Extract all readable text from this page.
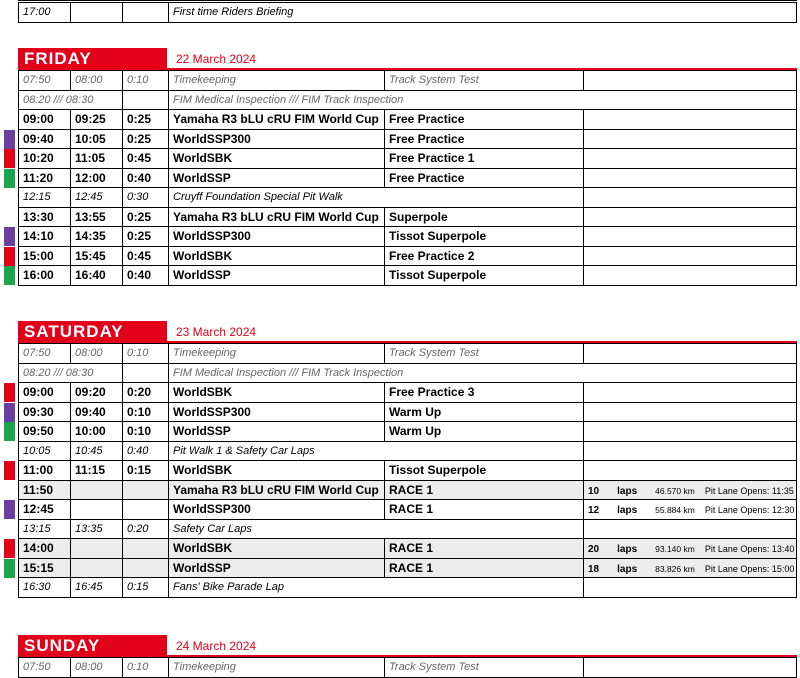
17:00			First time Riders Briefing
FRIDAY	22 March 2024
07:50	08:00	0:10	Timekeeping	Track System Test	
08:20 /// 08:30			FIM Medical Inspection /// FIM Track Inspection		
09:00	09:25	0:25	Yamaha R3 bLU cRU FIM World Cup	Free Practice	
09:40	10:05	0:25	WorldSSP300	Free Practice	
10:20	11:05	0:45	WorldSBK	Free Practice 1	
11:20	12:00	0:40	WorldSSP	Free Practice	
12:15	12:45	0:30	Cruyff Foundation Special Pit Walk		
13:30	13:55	0:25	Yamaha R3 bLU cRU FIM World Cup	Superpole	
14:10	14:35	0:25	WorldSSP300	Tissot Superpole	
15:00	15:45	0:45	WorldSBK	Free Practice 2	
16:00	16:40	0:40	WorldSSP	Tissot Superpole	
SATURDAY	23 March 2024
07:50	08:00	0:10	Timekeeping	Track System Test	
08:20 /// 08:30			FIM Medical Inspection /// FIM Track Inspection		
09:00	09:20	0:20	WorldSBK	Free Practice 3	
09:30	09:40	0:10	WorldSSP300	Warm Up	
09:50	10:00	0:10	WorldSSP	Warm Up	
10:05	10:45	0:40	Pit Walk 1 & Safety Car Laps		
11:00	11:15	0:15	WorldSBK	Tissot Superpole	
11:50			Yamaha R3 bLU cRU FIM World Cup	RACE 1	10 laps 46.570 km Pit Lane Opens: 11:35
12:45			WorldSSP300	RACE 1	12 laps 55.884 km Pit Lane Opens: 12:30
13:15	13:35	0:20	Safety Car Laps		
14:00			WorldSBK	RACE 1	20 laps 93.140 km Pit Lane Opens: 13:40
15:15			WorldSSP	RACE 1	18 laps 83.826 km Pit Lane Opens: 15:00
16:30	16:45	0:15	Fans' Bike Parade Lap		
SUNDAY	24 March 2024
07:50	08:00	0:10	Timekeeping	Track System Test	
